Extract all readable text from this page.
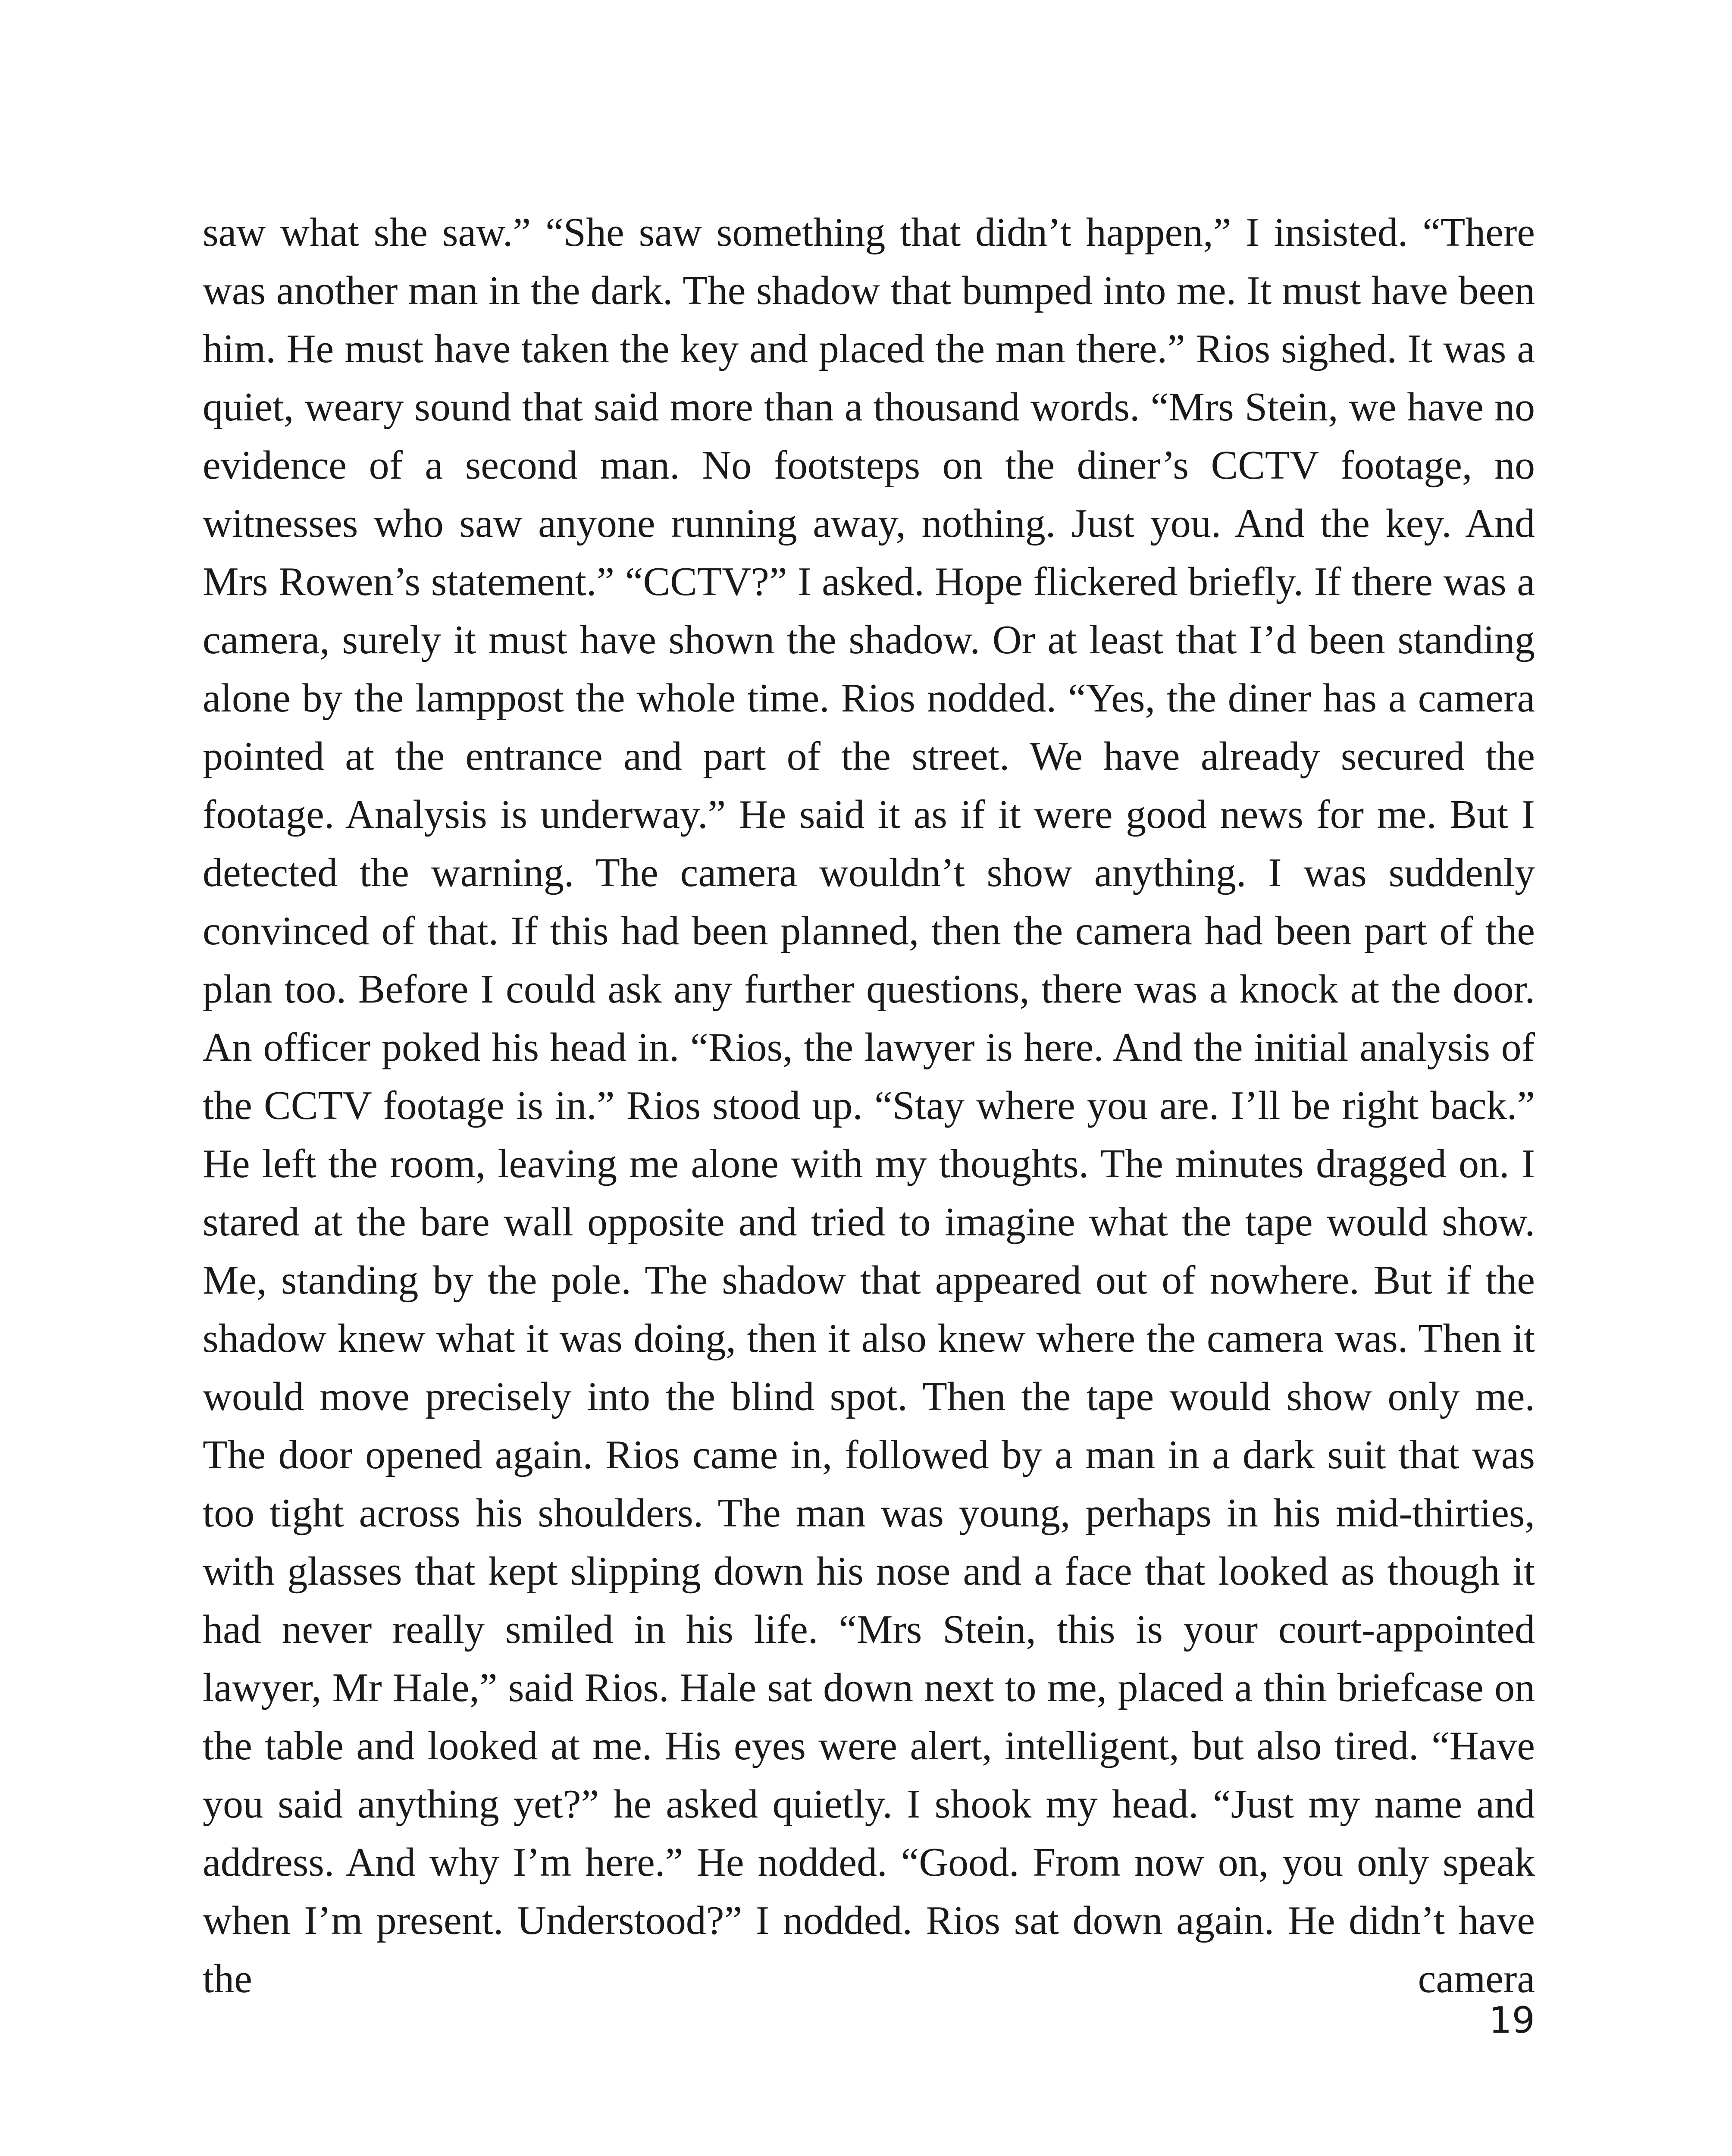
saw what she saw.” “She saw something that didn’t happen,” I insisted. “There was another man in the dark. The shadow that bumped into me. It must have been him. He must have taken the key and placed the man there.” Rios sighed. It was a quiet, weary sound that said more than a thousand words. “Mrs Stein, we have no evidence of a second man. No footsteps on the diner’s CCTV footage, no witnesses who saw anyone running away, nothing. Just you. And the key. And Mrs Rowen’s statement.” “CCTV?” I asked. Hope flickered briefly. If there was a camera, surely it must have shown the shadow. Or at least that I’d been standing alone by the lamppost the whole time. Rios nodded. “Yes, the diner has a camera pointed at the entrance and part of the street. We have already secured the footage. Analysis is underway.” He said it as if it were good news for me. But I detected the warning. The camera wouldn’t show anything. I was suddenly convinced of that. If this had been planned, then the camera had been part of the plan too. Before I could ask any further questions, there was a knock at the door. An officer poked his head in. “Rios, the lawyer is here. And the initial analysis of the CCTV footage is in.” Rios stood up. “Stay where you are. I’ll be right back.” He left the room, leaving me alone with my thoughts. The minutes dragged on. I stared at the bare wall opposite and tried to imagine what the tape would show. Me, standing by the pole. The shadow that appeared out of nowhere. But if the shadow knew what it was doing, then it also knew where the camera was. Then it would move precisely into the blind spot. Then the tape would show only me. The door opened again. Rios came in, followed by a man in a dark suit that was too tight across his shoulders. The man was young, perhaps in his mid-thirties, with glasses that kept slipping down his nose and a face that looked as though it had never really smiled in his life. “Mrs Stein, this is your court-appointed lawyer, Mr Hale,” said Rios. Hale sat down next to me, placed a thin briefcase on the table and looked at me. His eyes were alert, intelligent, but also tired. “Have you said anything yet?” he asked quietly. I shook my head. “Just my name and address. And why I’m here.” He nodded. “Good. From now on, you only speak when I’m present. Understood?” I nodded. Rios sat down again. He didn’t have the camera

19
